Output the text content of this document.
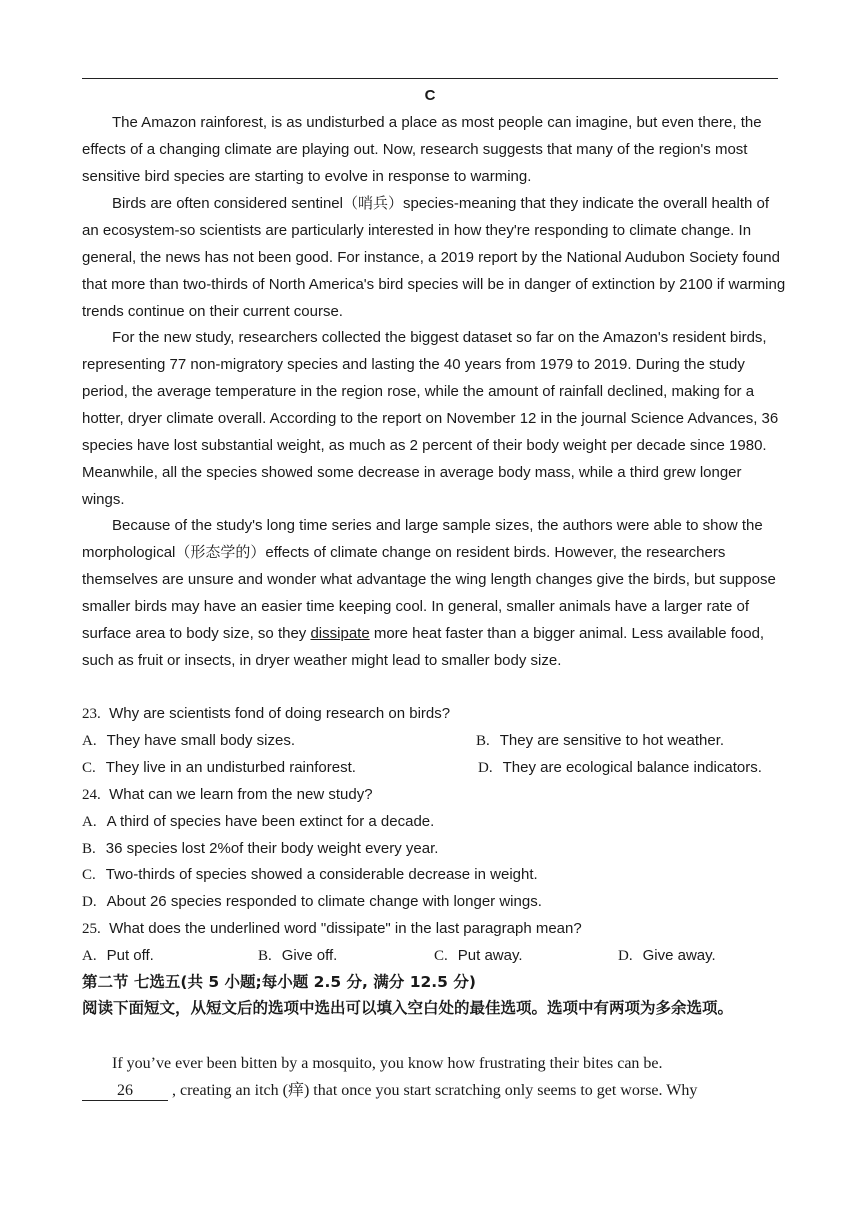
C

The Amazon rainforest, is as undisturbed a place as most people can imagine, but even there, the effects of a changing climate are playing out. Now, research suggests that many of the region's most sensitive bird species are starting to evolve in response to warming.

Birds are often considered sentinel（哨兵）species-meaning that they indicate the overall health of an ecosystem-so scientists are particularly interested in how they're responding to climate change. In general, the news has not been good. For instance, a 2019 report by the National Audubon Society found that more than two-thirds of North America's bird species will be in danger of extinction by 2100 if warming trends continue on their current course.

For the new study, researchers collected the biggest dataset so far on the Amazon's resident birds, representing 77 non-migratory species and lasting the 40 years from 1979 to 2019. During the study period, the average temperature in the region rose, while the amount of rainfall declined, making for a hotter, dryer climate overall. According to the report on November 12 in the journal Science Advances, 36 species have lost substantial weight, as much as 2 percent of their body weight per decade since 1980. Meanwhile, all the species showed some decrease in average body mass, while a third grew longer wings.

Because of the study's long time series and large sample sizes, the authors were able to show the morphological（形态学的）effects of climate change on resident birds. However, the researchers themselves are unsure and wonder what advantage the wing length changes give the birds, but suppose smaller birds may have an easier time keeping cool. In general, smaller animals have a larger rate of surface area to body size, so they dissipate more heat faster than a bigger animal. Less available food, such as fruit or insects, in dryer weather might lead to smaller body size.

23. Why are scientists fond of doing research on birds?
A. They have small body sizes.	B. They are sensitive to hot weather.
C. They live in an undisturbed rainforest.	D. They are ecological balance indicators.
24. What can we learn from the new study?
A. A third of species have been extinct for a decade.
B. 36 species lost 2%of their body weight every year.
C. Two-thirds of species showed a considerable decrease in weight.
D. About 26 species responded to climate change with longer wings.
25. What does the underlined word "dissipate" in the last paragraph mean?
A. Put off.	B. Give off.	C. Put away.	D. Give away.
第二节 七选五(共 5 小题;每小题 2.5 分, 满分 12.5 分)
阅读下面短文，从短文后的选项中选出可以填入空白处的最佳选项。选项中有两项为多余选项。

If you’ve ever been bitten by a mosquito, you know how frustrating their bites can be.

26 , creating an itch (痒) that once you start scratching only seems to get worse. Why
